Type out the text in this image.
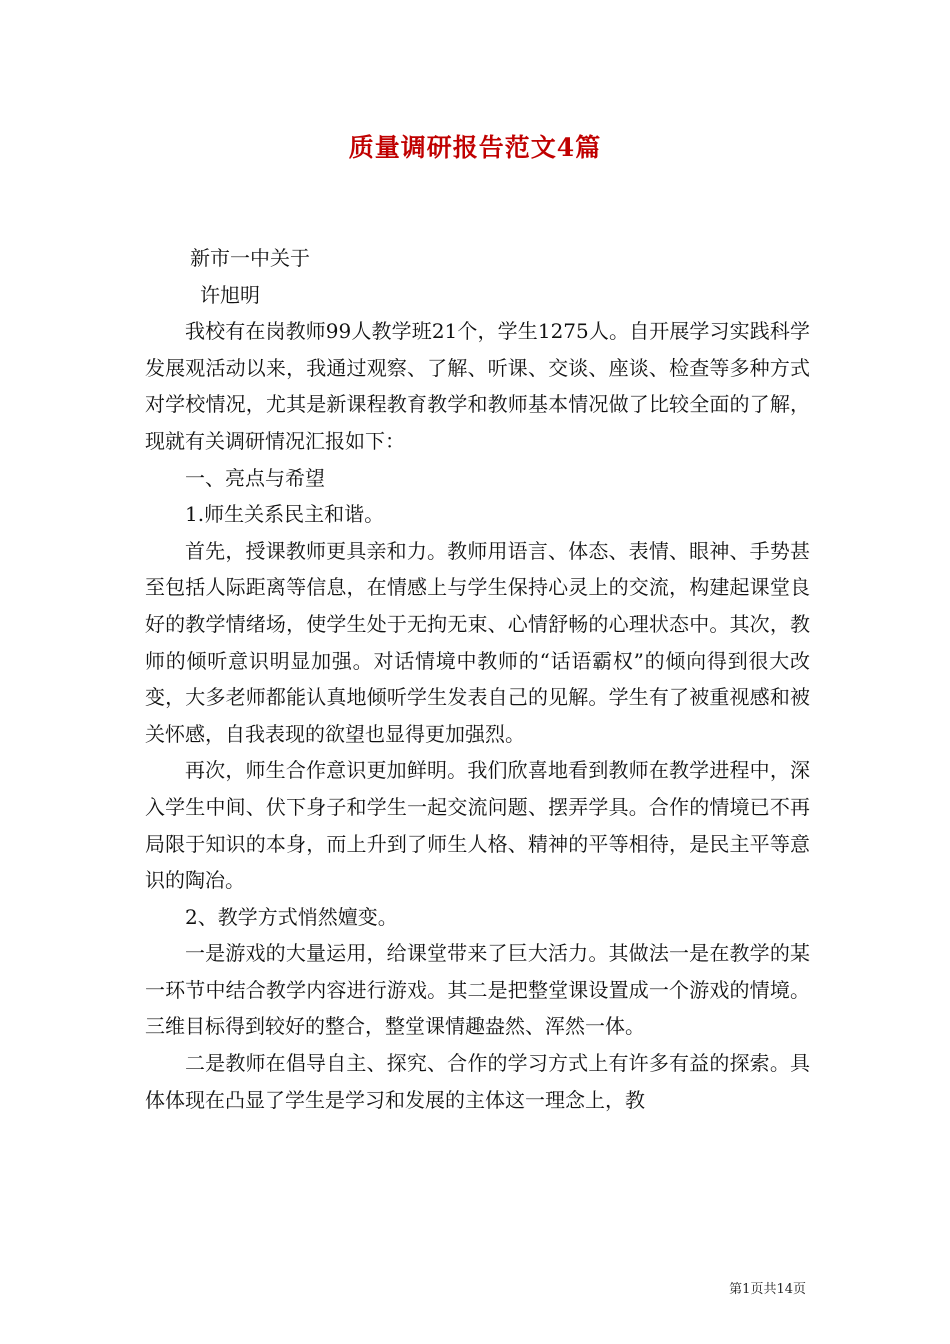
质量调研报告范文4篇

新市一中关于

许旭明

我校有在岗教师99人教学班21个，学生1275人。自开展学习实践科学发展观活动以来，我通过观察、了解、听课、交谈、座谈、检查等多种方式对学校情况，尤其是新课程教育教学和教师基本情况做了比较全面的了解，现就有关调研情况汇报如下：

一、亮点与希望

1.师生关系民主和谐。

首先，授课教师更具亲和力。教师用语言、体态、表情、眼神、手势甚至包括人际距离等信息，在情感上与学生保持心灵上的交流，构建起课堂良好的教学情绪场，使学生处于无拘无束、心情舒畅的心理状态中。其次，教师的倾听意识明显加强。对话情境中教师的“话语霸权”的倾向得到很大改变，大多老师都能认真地倾听学生发表自己的见解。学生有了被重视感和被关怀感，自我表现的欲望也显得更加强烈。

再次，师生合作意识更加鲜明。我们欣喜地看到教师在教学进程中，深入学生中间、伏下身子和学生一起交流问题、摆弄学具。合作的情境已不再局限于知识的本身，而上升到了师生人格、精神的平等相待，是民主平等意识的陶冶。

2、教学方式悄然嬗变。

一是游戏的大量运用，给课堂带来了巨大活力。其做法一是在教学的某一环节中结合教学内容进行游戏。其二是把整堂课设置成一个游戏的情境。三维目标得到较好的整合，整堂课情趣盎然、浑然一体。

二是教师在倡导自主、探究、合作的学习方式上有许多有益的探索。具体体现在凸显了学生是学习和发展的主体这一理念上，教

第1页共14页
